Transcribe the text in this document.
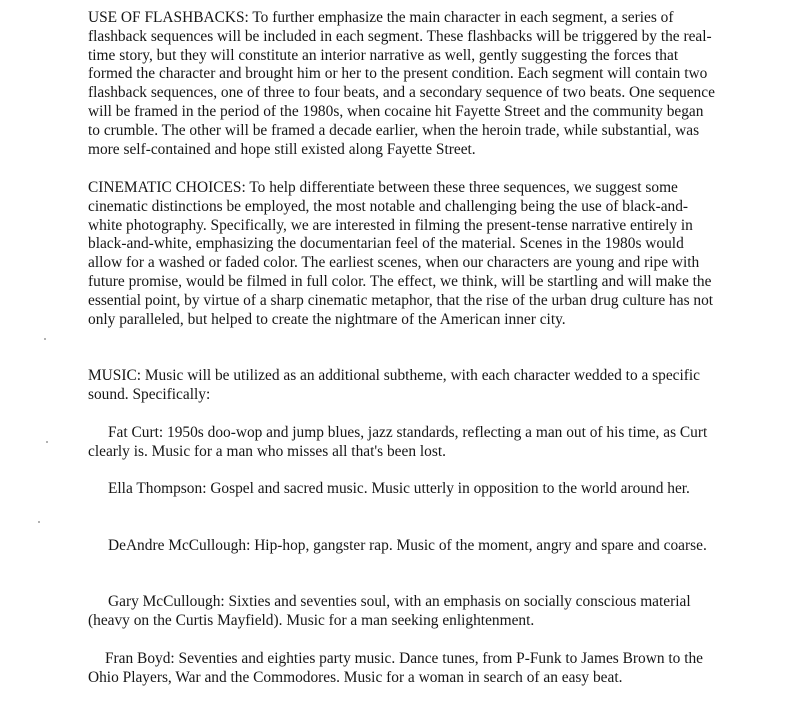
USE OF FLASHBACKS: To further emphasize the main character in each segment, a series of flashback sequences will be included in each segment. These flashbacks will be triggered by the real-time story, but they will constitute an interior narrative as well, gently suggesting the forces that formed the character and brought him or her to the present condition. Each segment will contain two flashback sequences, one of three to four beats, and a secondary sequence of two beats. One sequence will be framed in the period of the 1980s, when cocaine hit Fayette Street and the community began to crumble. The other will be framed a decade earlier, when the heroin trade, while substantial, was more self-contained and hope still existed along Fayette Street.

CINEMATIC CHOICES: To help differentiate between these three sequences, we suggest some cinematic distinctions be employed, the most notable and challenging being the use of black-and-white photography. Specifically, we are interested in filming the present-tense narrative entirely in black-and-white, emphasizing the documentarian feel of the material. Scenes in the 1980s would allow for a washed or faded color. The earliest scenes, when our characters are young and ripe with future promise, would be filmed in full color. The effect, we think, will be startling and will make the essential point, by virtue of a sharp cinematic metaphor, that the rise of the urban drug culture has not only paralleled, but helped to create the nightmare of the American inner city.

MUSIC: Music will be utilized as an additional subtheme, with each character wedded to a specific sound. Specifically:

Fat Curt: 1950s doo-wop and jump blues, jazz standards, reflecting a man out of his time, as Curt clearly is. Music for a man who misses all that's been lost.

Ella Thompson: Gospel and sacred music. Music utterly in opposition to the world around her.

DeAndre McCullough: Hip-hop, gangster rap. Music of the moment, angry and spare and coarse.

Gary McCullough: Sixties and seventies soul, with an emphasis on socially conscious material (heavy on the Curtis Mayfield). Music for a man seeking enlightenment.

Fran Boyd: Seventies and eighties party music. Dance tunes, from P-Funk to James Brown to the Ohio Players, War and the Commodores. Music for a woman in search of an easy beat.
